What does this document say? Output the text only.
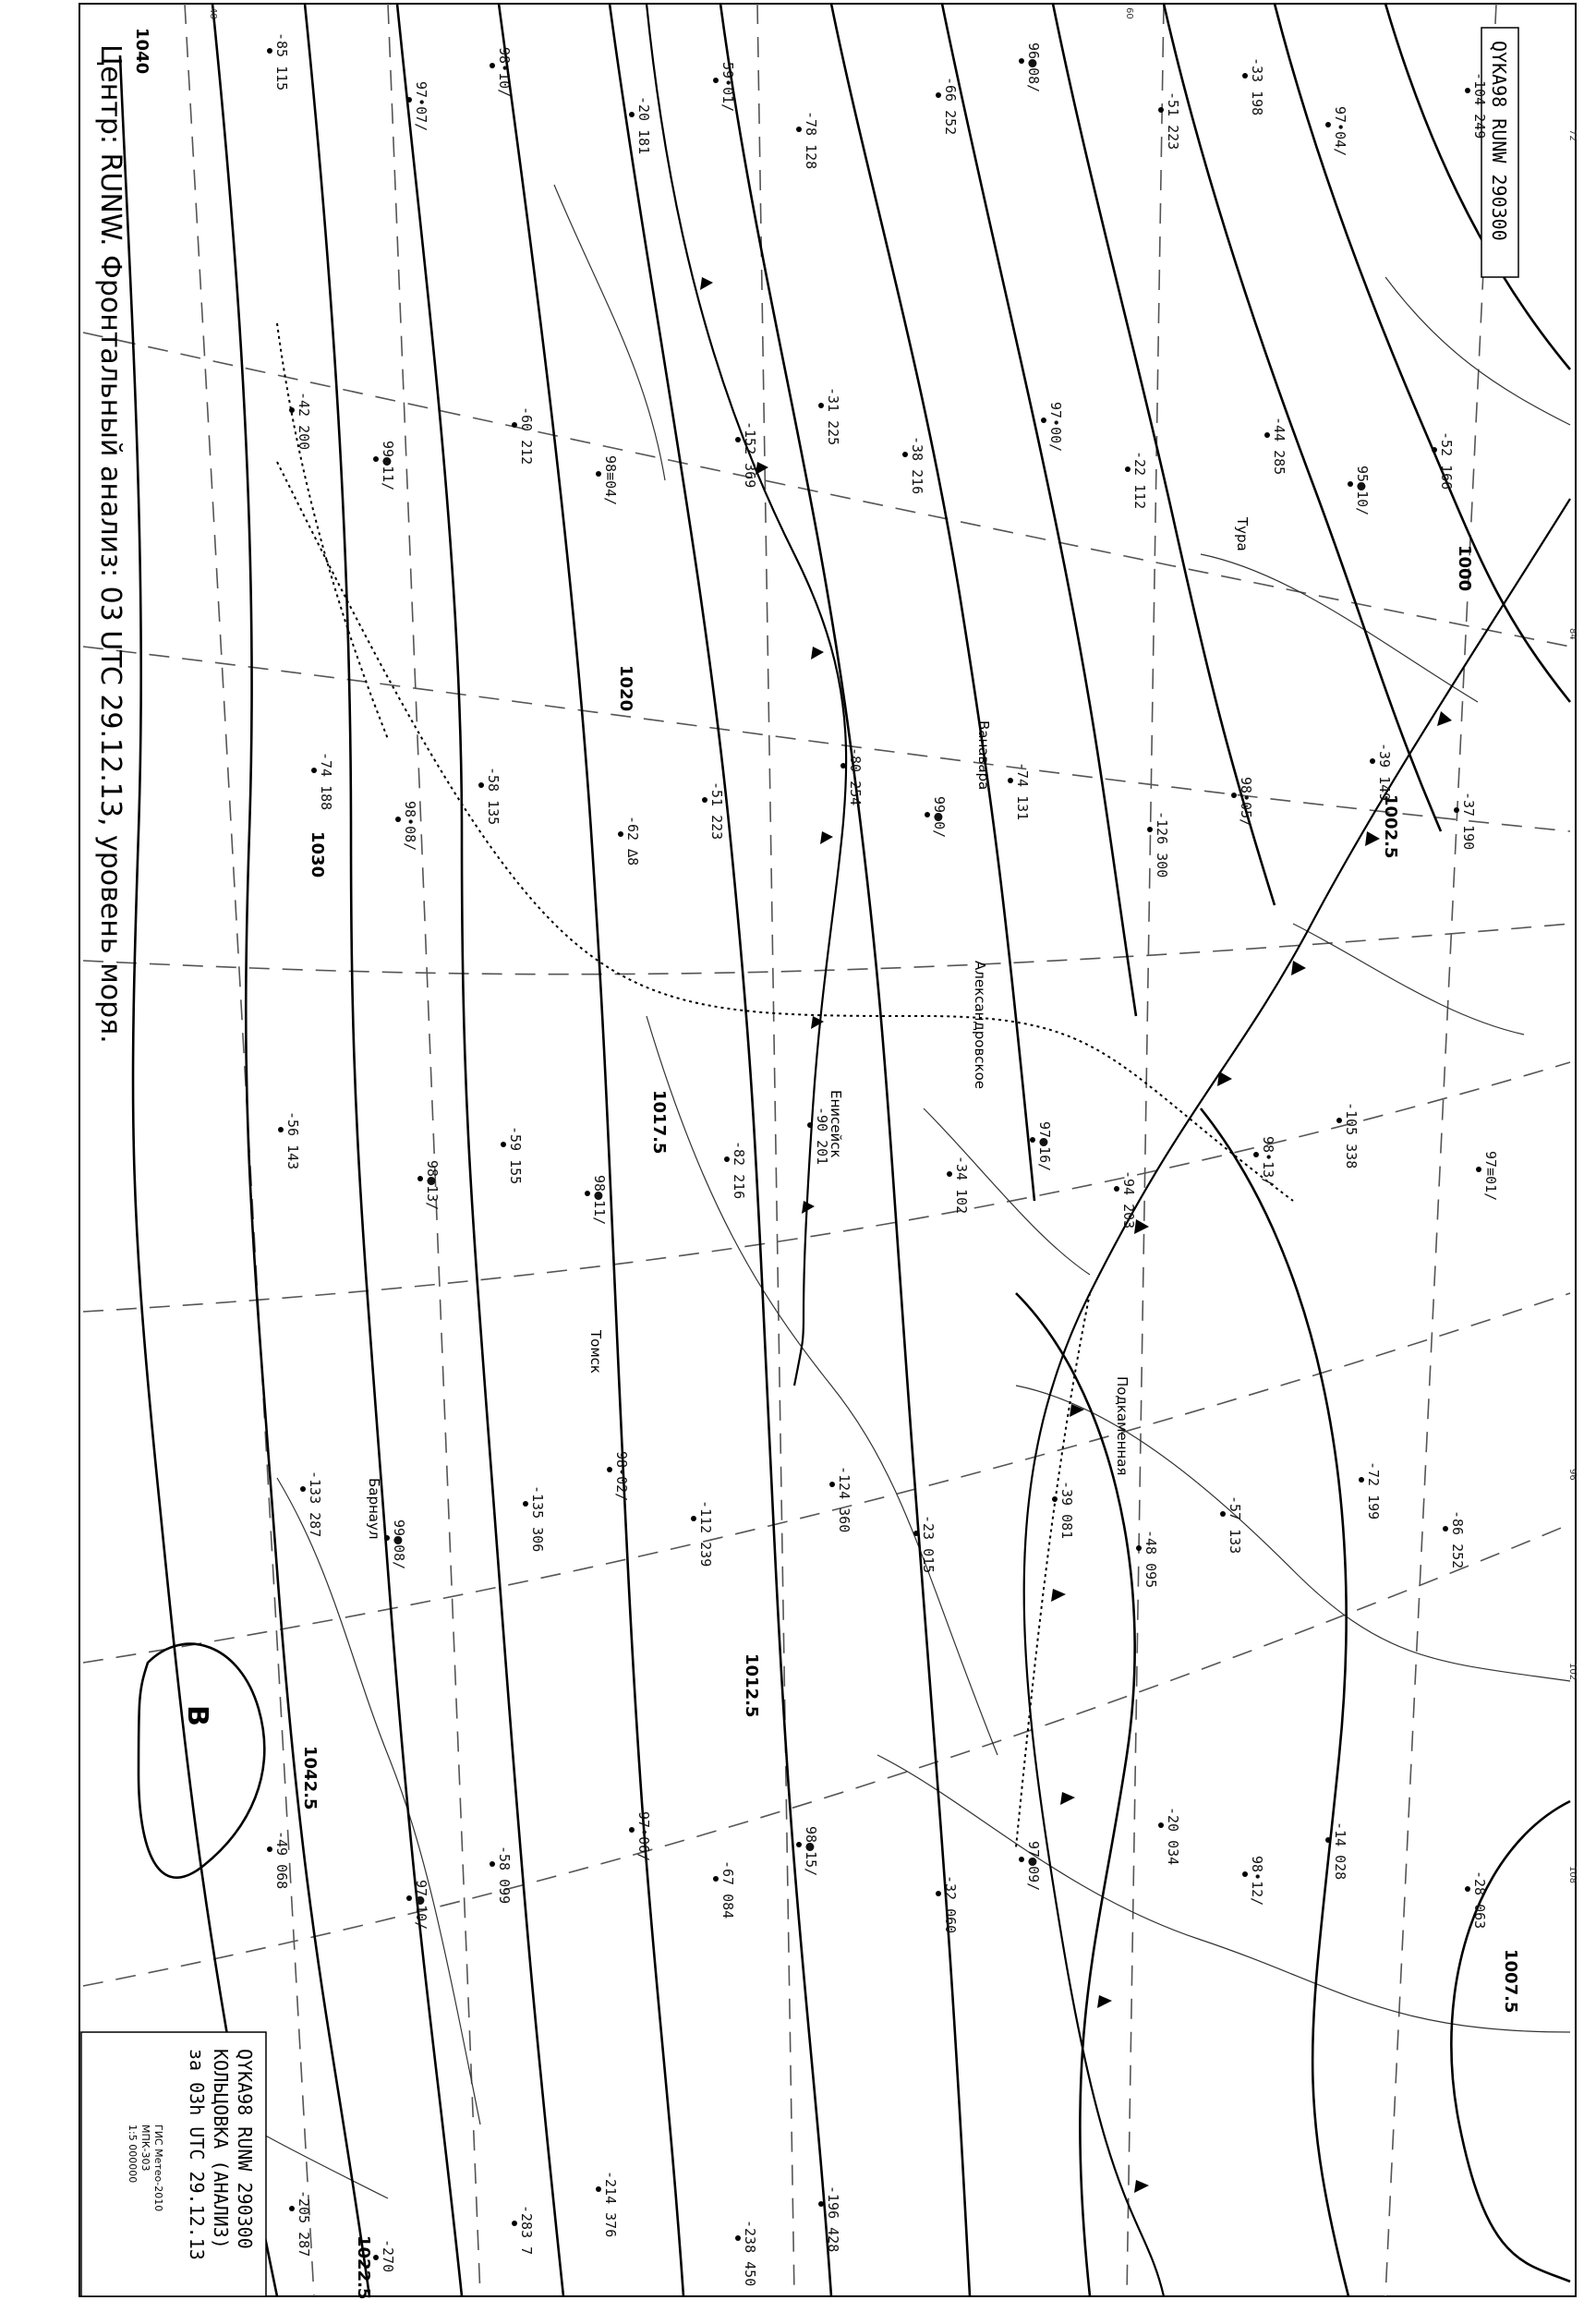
Центр: RUNW. Фронтальный анализ: 03 UTC 29.12.13, уровень моря.	QYKA98 RUNW 290300
QYKA98 RUNW 290300
КОЛЬЦОВКА (АНАЛИЗ)
за 03h UTC 29.12.13
ГИС Метео-2010
МПК-303
1:5 000000
В
1040
1020
1017.5
1012.5
1007.5
1002.5
1000
1022.5
1030
1042.5
Александровское
Подкаменная
Ванавара
Томск
Енисейск
Барнаул
Тура
48	60
72
84
96
102
108
-85 115
97•07/
98•10/
-20 181
59•01/
-78 128
-66 252
96●08/
-51 223
-33 198
97•04/	-104 249
-42 200
99●11/
-60 212
98≡04/	-152 369
-31 225
-38 216
97•00/
-22 112
-44 285
95●10/
-52 166
-74 188
98•08/
-58 135
-62 ∆8
-51 223
-80 254
99●0/	-74 131
-126 300
98•05/
-39 149
-37 190
-56 143
98●13/
-59 155
98●11/
-82 216
-90 201
-34 102
97●16/
-94 203
98•13/	-105 338
97≡01/
-133 287
99●08/	-135 306
98•02/
-112 239
-124 360
-23 015
-39 081
-48 095
-57 133
-72 199
-86 252
-49 068
97●10/
-58 099
97•06/
-67 084
98●15/
-32 060
97●09/
-20 034
98•12/
-14 028
-28 063
-205 287	-270
-283 7	-214 376
-238 450
-196 428
